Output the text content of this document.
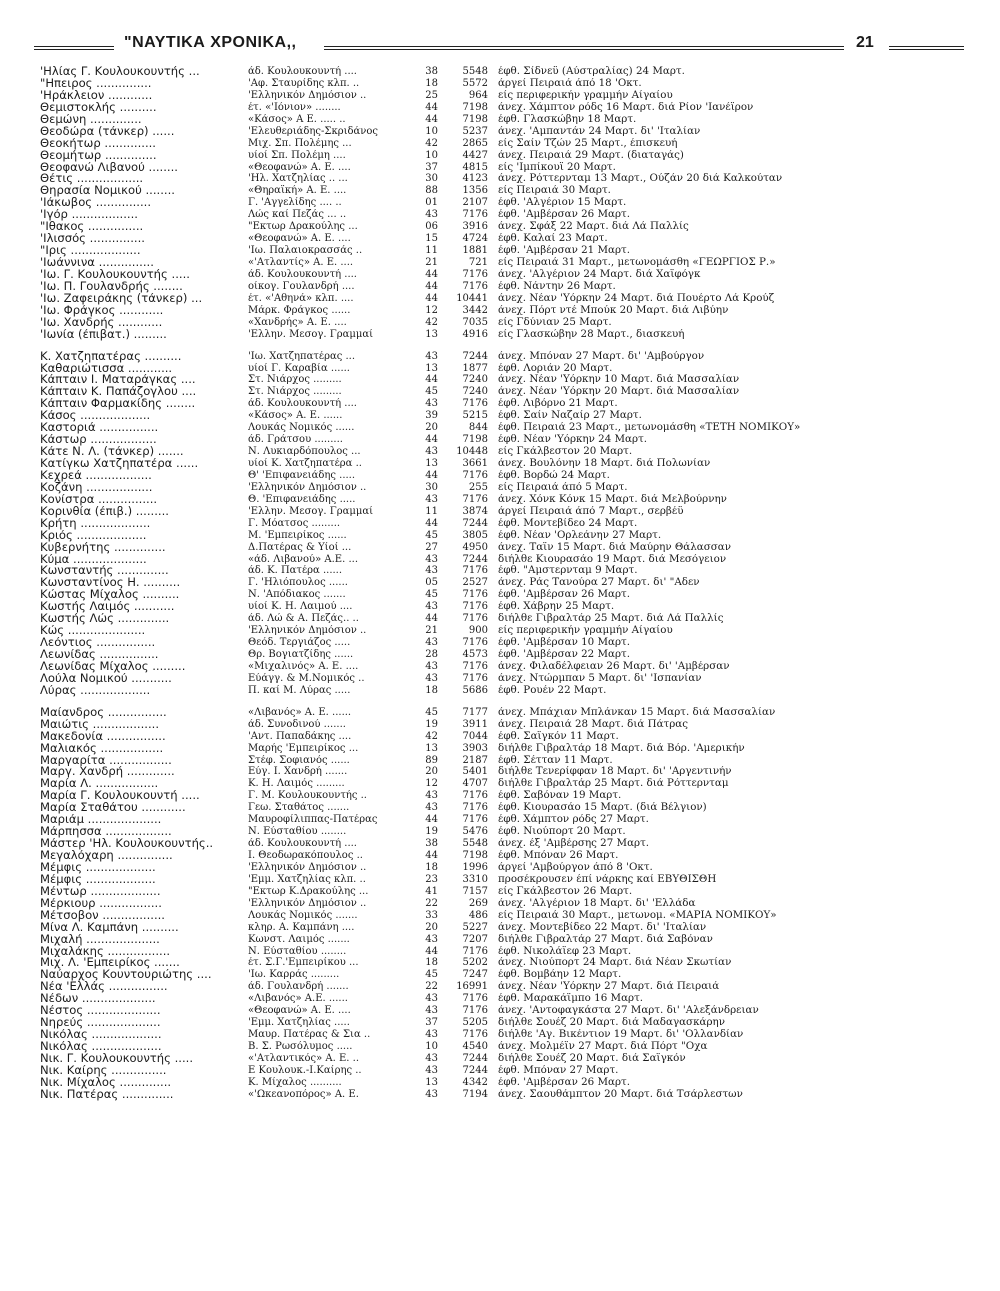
"ΝΑΥΤΙΚΑ ΧΡΟΝΙΚΑ,,	21
'Ηλίας Γ. Κουλουκουντής ...	άδ. Κουλουκουντή ....	38	5548 έφθ. Σίδνεϋ (Αύστραλίας) 24 Μαρτ.
"Ηπειρος ...............	'Αφ. Σταυρίδης κλπ. ..	18	5572 άργεί Πειραιά άπό 18 'Οκτ.
'Ηράκλειον ............	'Ελληνικόν Δημόσιον ..	25	964 είς περιφερικήν γραμμήν Αίγαίου
Θεμιστοκλής ..........	έτ. «'Ιόνιον» ........	44	7198 άνεχ. Χάμπτον ρόδς 16 Μαρτ. διά Ρίον 'Ιανέϊρον
Θεμώνη ..............	«Κάσος» Α Ε. ..... ..	44	7198 έφθ. Γλασκώβην 18 Μαρτ.
Θεοδώρα (τάνκερ) ......	'Ελευθεριάδης-Σκριδάνος	10	5237 άνεχ. 'Αμπαντάν 24 Μαρτ. δι' 'Ιταλίαν
Θεοκήτωρ ..............	Μιχ. Σπ. Πολέμης ...	42	2865 είς Σαίν Τζών 25 Μαρτ., έπισκευή
Θεομήτωρ ..............	υίοί Σπ. Πολέμη ....	10	4427 άνεχ. Πειραιά 29 Μαρτ. (διαταγάς)
Θεοφανώ Λιβανού ........	«Θεοφανώ» Α. Ε. ....	37	4815 είς 'Ιμπίκουϊ 20 Μαρτ.
Θέτις ..................	'Ηλ. Χατζηλίας .. ...	30	4123 άνεχ. Ρόττερνταμ 13 Μαρτ., Ούζάν 20 διά Καλκούταν
Θηρασία Νομικού ........	«Θηραϊκή» Α. Ε. ....	88	1356 είς Πειραιά 30 Μαρτ.
'Ιάκωβος ...............	Γ. 'Αγγελίδης .... ..	01	2107 έφθ. 'Αλγέριον 15 Μαρτ.
'Ιγόρ ..................	Λώς καί Πεζάς ... ..	43	7176 έφθ. 'Αμβέρσαν 26 Μαρτ.
"Ιθακος ...............	"Εκτωρ Δρακούλης ...	06	3916 άνεχ. Σφάξ 22 Μαρτ. διά Λά Παλλίς
'Ιλισσός ...............	«Θεοφανώ» Α. Ε. ....	15	4724 έφθ. Καλαί 23 Μαρτ.
"Ιρις ...................	'Ιω. Παλαιοκρασσάς ..	11	1881 έφθ. 'Αμβέρσαν 21 Μαρτ.
'Ιωάννινα ...............	«'Ατλαντίς» Α. Ε. ....	21	721 είς Πειραιά 31 Μαρτ., μετωνομάσθη «ΓΕΩΡΓΙΟΣ Ρ.»
'Ιω. Γ. Κουλουκουντής .....	άδ. Κουλουκουντή ....	44	7176 άνεχ. 'Αλγέριον 24 Μαρτ. διά Χαϊφόγκ
'Ιω. Π. Γουλανδρής ........	οίκογ. Γουλανδρή ....	44	7176 έφθ. Νάντην 26 Μαρτ.
'Ιω. Ζαφειράκης (τάνκερ) ...	έτ. «'Αθηνά» κλπ. ....	44	10441 άνεχ. Νέαν 'Υόρκην 24 Μαρτ. διά Πουέρτο Λά Κρούζ
'Ιω. Φράγκος ............	Μάρκ. Φράγκος ......	12	3442 άνεχ. Πόρτ ντέ Μπούκ 20 Μαρτ. διά Λιβύην
'Ιω. Χανδρής ............	«Χανδρής» Α. Ε. ....	42	7035 είς Γδύνιαν 25 Μαρτ.
'Ιωνία (έπιβατ.) .........	'Ελλην. Μεσογ. Γραμμαί	13	4916 είς Γλασκώβην 28 Μαρτ., διασκευή
Κ. Χατζηπατέρας ..........	'Ιω. Χατζηπατέρας ...	43	7244 άνεχ. Μπόναν 27 Μαρτ. δι' 'Αμβούργον
Καθαριώτισσα ............	υίοί Γ. Καραβία ......	13	1877 έφθ. Λοριάν 20 Μαρτ.
Κάπταιν Ι. Ματαράγκας ....	Στ. Νιάρχος .........	44	7240 άνεχ. Νέαν 'Υόρκην 10 Μαρτ. διά Μασσαλίαν
Κάπταιν Κ. Παπάζογλου ....	Στ. Νιάρχος .........	45	7240 άνεχ. Νέαν 'Υόρκην 20 Μαρτ. διά Μασσαλίαν
Κάπταιν Φαρμακίδης ........	άδ. Κουλουκουντή ....	43	7176 έφθ. Λιβόρνο 21 Μαρτ.
Κάσος ...................	«Κάσος» Α. Ε. ......	39	5215 έφθ. Σαίν Ναζαίρ 27 Μαρτ.
Καστοριά ................	Λουκάς Νομικός ......	20	844 έφθ. Πειραιά 23 Μαρτ., μετωνομάσθη «ΤΕΤΗ ΝΟΜΙΚΟΥ»
Κάστωρ ..................	άδ. Γράτσου .........	44	7198 έφθ. Νέαν 'Υόρκην 24 Μαρτ.
Κάτε Ν. Λ. (τάνκερ) .......	Ν. Λυκιαρδόπουλος ...	43	10448 είς Γκάλβεστον 20 Μαρτ.
Κατίγκω Χατζηπατέρα ......	υίοί Κ. Χατζηπατέρα ..	13	3661 άνεχ. Βουλόνην 18 Μαρτ. διά Πολωνίαν
Κεχρεά ..................	Θ' 'Επιφανειάδης .....	44	7176 έφθ. Βορδώ 24 Μαρτ.
Κοζάνη ..................	'Ελληνικόν Δημόσιον ..	30	255 είς Πειραιά άπό 5 Μαρτ.
Κονίστρα ................	Θ. 'Επιφανειάδης .....	43	7176 άνεχ. Χόνκ Κόνκ 15 Μαρτ. διά Μελβούρνην
Κορινθία (έπιβ.) .........	'Ελλην. Μεσογ. Γραμμαί	11	3874 άργεί Πειραιά άπό 7 Μαρτ., σερβέϋ
Κρήτη ...................	Γ. Μόατσος .........	44	7244 έφθ. Μοντεβίδεο 24 Μαρτ.
Κριός ...................	Μ. 'Εμπειρίκος ......	45	3805 έφθ. Νέαν 'Ορλεάνην 27 Μαρτ.
Κυβερνήτης ..............	Δ.Πατέρας & Υίοί ...	27	4950 άνεχ. Ταϊν 15 Μαρτ. διά Μαύρην Θάλασσαν
Κύμα ....................	«άδ. Λιβανού» Α.Ε. ...	43	7244 διήλθε Κιουρασάο 19 Μαρτ. διά Μεσόγειον
Κωνσταντής ..............	άδ. Κ. Πατέρα ......	43	7176 έφθ. "Αμστερνταμ 9 Μαρτ.
Κωνσταντίνος Η. ..........	Γ. 'Ηλιόπουλος ......	05	2527 άνεχ. Ράς Τανούρα 27 Μαρτ. δι' "Αδεν
Κώστας Μίχαλος ..........	Ν. 'Απόδιακος .......	45	7176 έφθ. 'Αμβέρσαν 26 Μαρτ.
Κωστής Λαιμός ...........	υίοί Κ. Η. Λαιμού ....	43	7176 έφθ. Χάβρην 25 Μαρτ.
Κωστής Λώς ..............	άδ. Λώ & Α. Πεζάς.. ..	44	7176 διήλθε Γιβραλτάρ 25 Μαρτ. διά Λά Παλλίς
Κώς .....................	'Ελληνικόν Δημόσιον ..	21	900 είς περιφερικήν γραμμήν Αίγαίου
Λεόντιος ................	Θεόδ. Τεργιάζος .....	43	7176 έφθ. 'Αμβέρσαν 10 Μαρτ.
Λεωνίδας ................	Θρ. Βογιατζίδης ......	28	4573 έφθ. 'Αμβέρσαν 22 Μαρτ.
Λεωνίδας Μίχαλος .........	«Μιχαλινός» Α. Ε. ....	43	7176 άνεχ. Φιλαδέλφειαν 26 Μαρτ. δι' 'Αμβέρσαν
Λούλα Νομικού ...........	Εύάγγ. & Μ.Νομικός ..	43	7176 άνεχ. Ντώρμπαν 5 Μαρτ. δι' 'Ισπανίαν
Λύρας ...................	Π. καί Μ. Λύρας .....	18	5686 έφθ. Ρουέν 22 Μαρτ.
Μαίανδρος ................	«Λιβανός» Α. Ε. ......	45	7177 άνεχ. Μπάχιαν Μπλάνκαν 15 Μαρτ. διά Μασσαλίαν
Μαιώτις ..................	άδ. Συνοδινού .......	19	3911 άνεχ. Πειραιά 28 Μαρτ. διά Πάτρας
Μακεδονία ................	'Αντ. Παπαδάκης ....	42	7044 έφθ. Σαϊγκόν 11 Μαρτ.
Μαλιακός .................	Μαρής 'Εμπειρίκος ...	13	3903 διήλθε Γιβραλτάρ 18 Μαρτ. διά Βόρ. 'Αμερικήν
Μαργαρίτα .................	Στέφ. Σοφιανός ......	89	2187 έφθ. Σέτταν 11 Μαρτ.
Μαργ. Χανδρή .............	Εύγ. Ι. Χανδρή .......	20	5401 διήλθε Τενερίφφαν 18 Μαρτ. δι' 'Αργεντινήν
Μαρία Λ. .................	Κ. Η. Λαιμός .........	12	4707 διήλθε Γιβραλτάρ 25 Μαρτ. διά Ρόττερνταμ
Μαρία Γ. Κουλουκουντή .....	Γ. Μ. Κουλουκουντής ..	43	7176 έφθ. Σαβόναν 19 Μαρτ.
Μαρία Σταθάτου ............	Γεω. Σταθάτος .......	43	7176 έφθ. Κιουρασάο 15 Μαρτ. (διά Βέλγιον)
Μαριάμ ....................	Μαυροφίλιππας-Πατέρας	44	7176 έφθ. Χάμπτον ρόδς 27 Μαρτ.
Μάρπησσα ..................	Ν. Εύσταθίου ........	19	5476 έφθ. Νιούπορτ 20 Μαρτ.
Μάστερ 'Ηλ. Κουλουκουντής..	άδ. Κουλουκουντή ....	38	5548 άνεχ. έξ 'Αμβέρσης 27 Μαρτ.
Μεγαλόχαρη ...............	Ι. Θεοδωρακόπουλος ..	44	7198 έφθ. Μπόναν 26 Μαρτ.
Μέμφις ...................	'Ελληνικόν Δημόσιον ..	18	1996 άργεί 'Αμβούργον άπό 8 'Οκτ.
Μέμφις ...................	'Εμμ. Χατζηλίας κλπ. ..	23	3310 προσέκρουσεν έπί νάρκης καί ΕΒΥΘΙΣΘΗ
Μέντωρ ...................	"Εκτωρ Κ.Δρακούλης ...	41	7157 είς Γκάλβεστον 26 Μαρτ.
Μέρκιουρ .................	'Ελληνικόν Δημόσιον ..	22	269 άνεχ. 'Αλγέριον 18 Μαρτ. δι' 'Ελλάδα
Μέτσοβον .................	Λουκάς Νομικός .......	33	486 είς Πειραιά 30 Μαρτ., μετωνομ. «ΜΑΡΙΑ ΝΟΜΙΚΟΥ»
Μίνα Λ. Καμπάνη ..........	κληρ. Α. Καμπάνη ....	20	5227 άνεχ. Μοντεβίδεο 22 Μαρτ. δι' 'Ιταλίαν
Μιχαλή ....................	Κωνστ. Λαιμός .......	43	7207 διήλθε Γιβραλτάρ 27 Μαρτ. διά Σαβόναν
Μιχαλάκης .................	Ν. Εύσταθίου ........	44	7176 έφθ. Νικολάϊεφ 23 Μαρτ.
Μιχ. Λ. 'Εμπειρίκος .......	έτ. Σ.Γ.'Εμπειρίκου ...	18	5202 άνεχ. Νιούπορτ 24 Μαρτ. διά Νέαν Σκωτίαν
Ναύαρχος Κουντουριώτης ....	'Ιω. Καρράς .........	45	7247 έφθ. Βομβάην 12 Μαρτ.
Νέα 'Ελλάς ................	άδ. Γουλανδρή .......	22	16991 άνεχ. Νέαν 'Υόρκην 27 Μαρτ. διά Πειραιά
Νέδων ....................	«Λιβανός» Α.Ε. ......	43	7176 έφθ. Μαρακάϊμπο 16 Μαρτ.
Νέστος ....................	«Θεοφανώ» Α. Ε. ....	43	7176 άνεχ. 'Αντοφαγκάστα 27 Μαρτ. δι' 'Αλεξάνδρειαν
Νηρεύς ....................	'Εμμ. Χατζηλίας .....	37	5205 διήλθε Σουέζ 20 Μαρτ. διά Μαδαγασκάρην
Νικόλας ...................	Μαυρ. Πατέρας & Σια ..	43	7176 διήλθε 'Αγ. Βικέντιον 19 Μαρτ. δι' 'Ολλανδίαν
Νικόλας ...................	Β. Σ. Ρωσόλυμος .....	10	4540 άνεχ. Μολμέϊν 27 Μαρτ. διά Πόρτ "Οχα
Νικ. Γ. Κουλουκουντής .....	«'Ατλαντικός» Α. Ε. ..	43	7244 διήλθε Σουέζ 20 Μαρτ. διά Σαϊγκόν
Νικ. Καίρης ...............	Ε Κουλουκ.-Ι.Καίρης ..	43	7244 έφθ. Μπόναν 27 Μαρτ.
Νικ. Μίχαλος ..............	Κ. Μίχαλος ..........	13	4342 έφθ. 'Αμβέρσαν 26 Μαρτ.
Νικ. Πατέρας ..............	«'Ωκεανοπόρος» Α. Ε.	43	7194 άνεχ. Σαουθάμπτον 20 Μαρτ. διά Τσάρλεστων
